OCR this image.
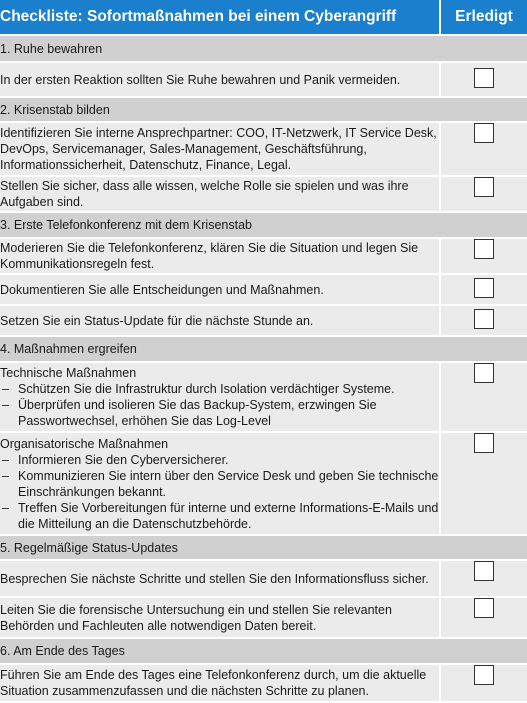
Checkliste: Sofortmaßnahmen bei einem Cyberangriff	Erledigt
1. Ruhe bewahren	
In der ersten Reaktion sollten Sie Ruhe bewahren und Panik vermeiden.	
2. Krisenstab bilden	
Identifizieren Sie interne Ansprechpartner: COO, IT-Netzwerk, IT Service Desk, DevOps, Servicemanager, Sales-Management, Geschäftsführung, Informationssicherheit, Datenschutz, Finance, Legal.	
Stellen Sie sicher, dass alle wissen, welche Rolle sie spielen und was ihre Aufgaben sind.	
3. Erste Telefonkonferenz mit dem Krisenstab	
Moderieren Sie die Telefonkonferenz, klären Sie die Situation und legen Sie Kommunikationsregeln fest.	
Dokumentieren Sie alle Entscheidungen und Maßnahmen.	
Setzen Sie ein Status-Update für die nächste Stunde an.	
4. Maßnahmen ergreifen	

Technische Maßnahmen
– Schützen Sie die Infrastruktur durch Isolation verdächtiger Systeme.
– Überprüfen und isolieren Sie das Backup-System, erzwingen Sie Passwortwechsel, erhöhen Sie das Log-Level

Organisatorische Maßnahmen
– Informieren Sie den Cyberversicherer.
– Kommunizieren Sie intern über den Service Desk und geben Sie technische Einschränkungen bekannt.
– Treffen Sie Vorbereitungen für interne und externe Informations-E-Mails und die Mitteilung an die Datenschutzbehörde.

5. Regelmäßige Status-Updates	
Besprechen Sie nächste Schritte und stellen Sie den Informationsfluss sicher.	
Leiten Sie die forensische Untersuchung ein und stellen Sie relevanten Behörden und Fachleuten alle notwendigen Daten bereit.	
6. Am Ende des Tages	
Führen Sie am Ende des Tages eine Telefonkonferenz durch, um die aktuelle Situation zusammenzufassen und die nächsten Schritte zu planen.	
